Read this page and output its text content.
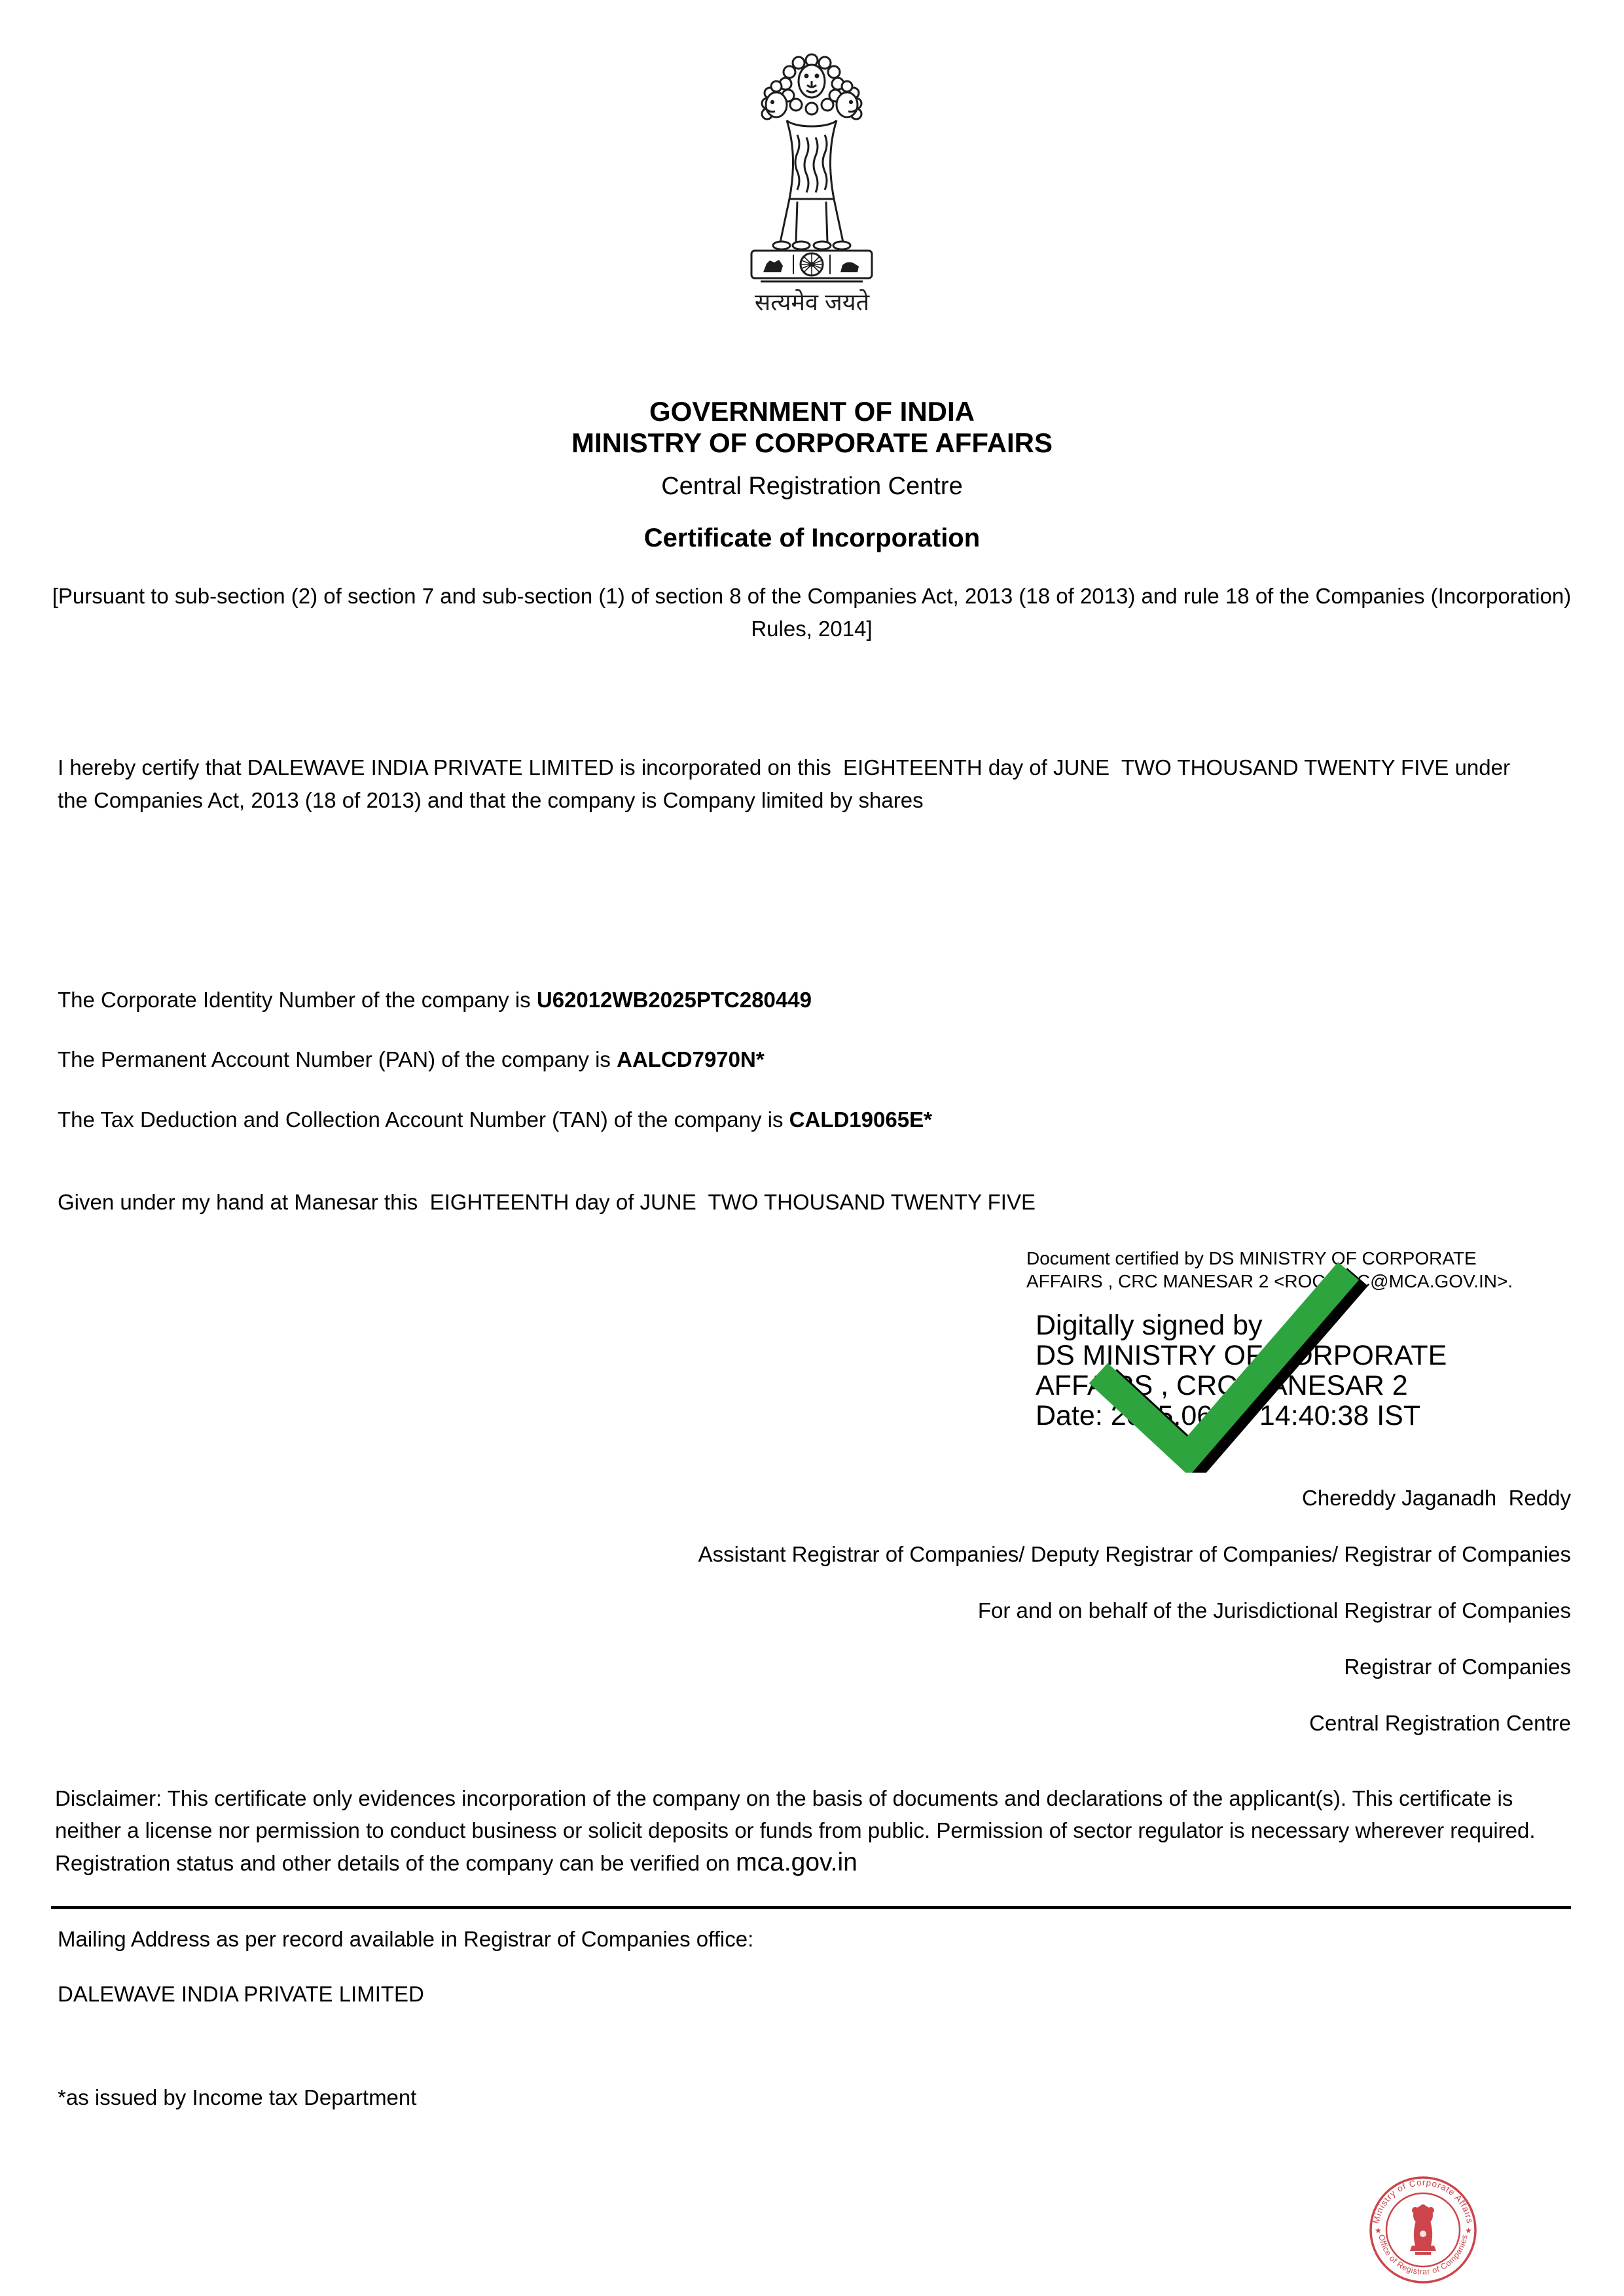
सत्यमेव जयते
GOVERNMENT OF INDIA
MINISTRY OF CORPORATE AFFAIRS
Central Registration Centre
Certificate of Incorporation
[Pursuant to sub-section (2) of section 7 and sub-section (1) of section 8 of the Companies Act, 2013 (18 of 2013) and rule 18 of the Companies (Incorporation) Rules, 2014]
I hereby certify that DALEWAVE INDIA PRIVATE LIMITED is incorporated on this  EIGHTEENTH day of JUNE  TWO THOUSAND TWENTY FIVE under the Companies Act, 2013 (18 of 2013) and that the company is Company limited by shares
The Corporate Identity Number of the company is U62012WB2025PTC280449
The Permanent Account Number (PAN) of the company is AALCD7970N*
The Tax Deduction and Collection Account Number (TAN) of the company is CALD19065E*
Given under my hand at Manesar this  EIGHTEENTH day of JUNE  TWO THOUSAND TWENTY FIVE
Document certified by DS MINISTRY OF CORPORATE
AFFAIRS , CRC MANESAR 2 <ROC.CRC@MCA.GOV.IN>.
Digitally signed by
DS MINISTRY OF CORPORATE
AFFAIRS , CRC MANESAR 2
Date: 2025.06.18 14:40:38 IST
Chereddy Jaganadh  Reddy
Assistant Registrar of Companies/ Deputy Registrar of Companies/ Registrar of Companies
For and on behalf of the Jurisdictional Registrar of Companies
Registrar of Companies
Central Registration Centre
Disclaimer: This certificate only evidences incorporation of the company on the basis of documents and declarations of the applicant(s). This certificate is neither a license nor permission to conduct business or solicit deposits or funds from public. Permission of sector regulator is necessary wherever required. Registration status and other details of the company can be verified on mca.gov.in
Mailing Address as per record available in Registrar of Companies office:
DALEWAVE INDIA PRIVATE LIMITED
*as issued by Income tax Department
Ministry of Corporate Affairs
Office of Registrar of Companies
★	★
